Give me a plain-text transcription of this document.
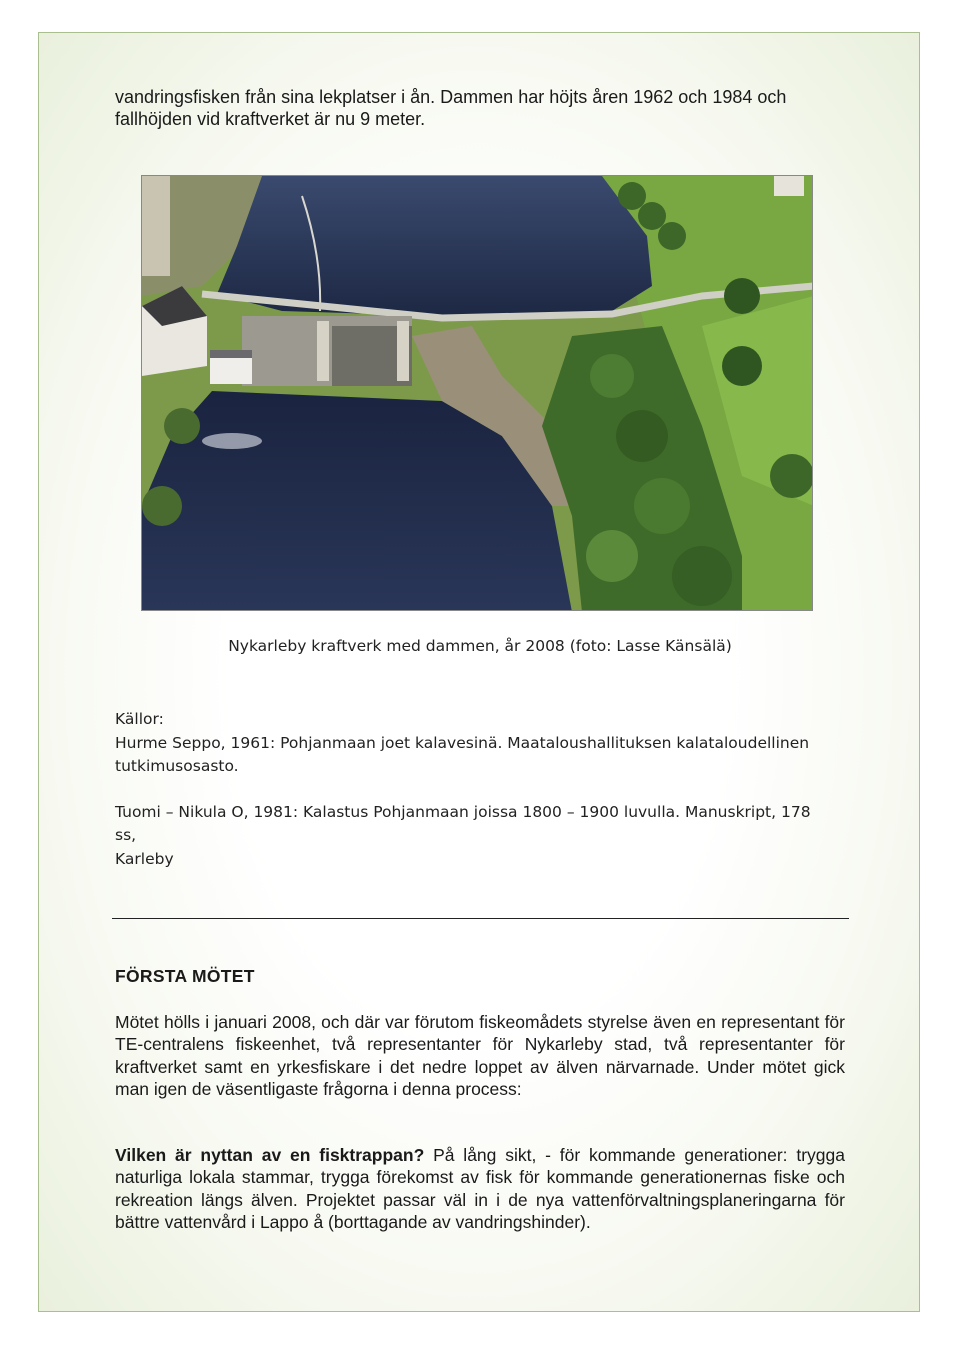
vandringsfisken från sina lekplatser i ån. Dammen har höjts åren 1962 och 1984 och
fallhöjden vid kraftverket är nu 9 meter.

Nykarleby kraftverk med dammen, år 2008 (foto: Lasse Känsälä)

Källor:

Hurme Seppo, 1961: Pohjanmaan joet kalavesinä. Maataloushallituksen kalataloudellinen tutkimusosasto.

Tuomi – Nikula O, 1981: Kalastus Pohjanmaan joissa 1800 – 1900 luvulla. Manuskript, 178
ss,
Karleby

FÖRSTA MÖTET

Mötet hölls i januari 2008, och där var förutom fiskeomådets styrelse även en representant för TE-centralens fiskeenhet, två representanter för Nykarleby stad, två representanter för kraftverket samt en yrkesfiskare i det nedre loppet av älven närvarnade. Under mötet gick man igen de väsentligaste frågorna i denna process:

Vilken är nyttan av en fisktrappan? På lång sikt, - för kommande generationer: trygga naturliga lokala stammar, trygga förekomst av fisk för kommande generationernas fiske och rekreation längs älven. Projektet passar väl in i de nya vattenförvaltningsplaneringarna för bättre vattenvård i Lappo å (borttagande av vandringshinder).
